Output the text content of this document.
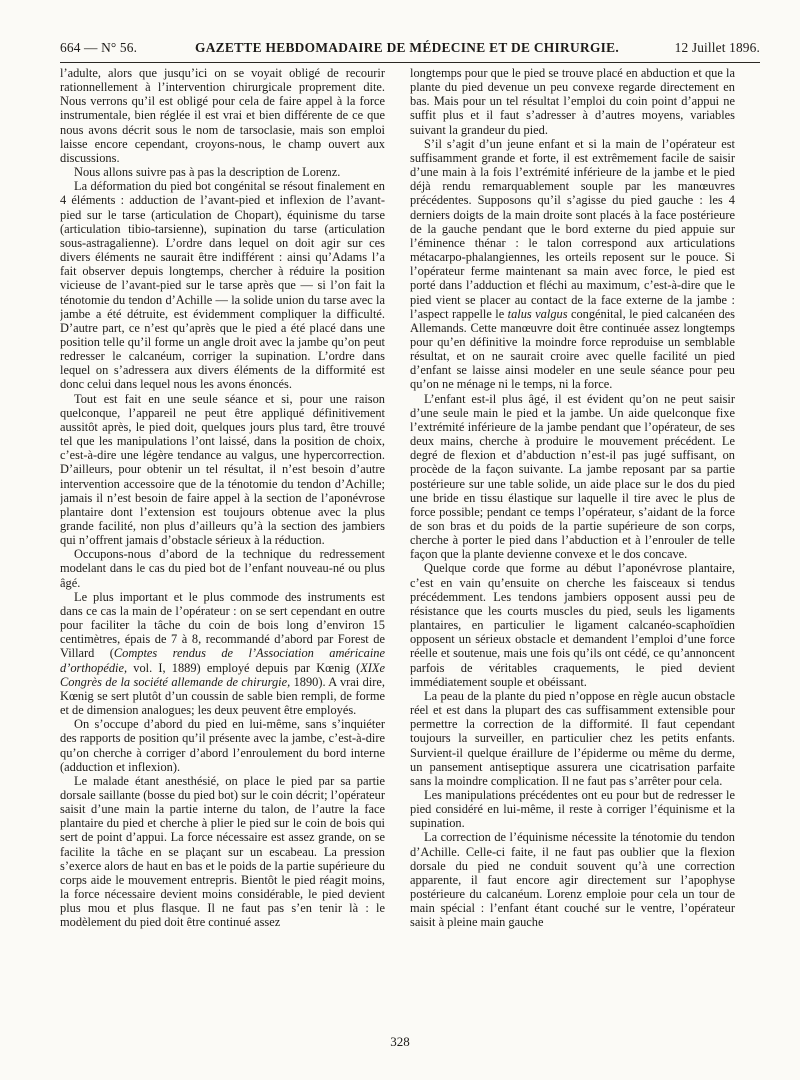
664 — N° 56.	GAZETTE HEBDOMADAIRE DE MÉDECINE ET DE CHIRURGIE.	12 Juillet 1896.

l’adulte, alors que jusqu’ici on se voyait obligé de recourir rationnellement à l’intervention chirurgicale proprement dite. Nous verrons qu’il est obligé pour cela de faire appel à la force instrumentale, bien réglée il est vrai et bien différente de ce que nous avons décrit sous le nom de tarsoclasie, mais son emploi laisse encore cependant, croyons-nous, le champ ouvert aux discussions.

Nous allons suivre pas à pas la description de Lorenz.

La déformation du pied bot congénital se résout finalement en 4 éléments : adduction de l’avant-pied et inflexion de l’avant-pied sur le tarse (articulation de Chopart), équinisme du tarse (articulation tibio-tarsienne), supination du tarse (articulation sous-astragalienne). L’ordre dans lequel on doit agir sur ces divers éléments ne saurait être indifférent : ainsi qu’Adams l’a fait observer depuis longtemps, chercher à réduire la position vicieuse de l’avant-pied sur le tarse après que — si l’on fait la ténotomie du tendon d’Achille — la solide union du tarse avec la jambe a été détruite, est évidemment compliquer la difficulté. D’autre part, ce n’est qu’après que le pied a été placé dans une position telle qu’il forme un angle droit avec la jambe qu’on peut redresser le calcanéum, corriger la supination. L’ordre dans lequel on s’adressera aux divers éléments de la difformité est donc celui dans lequel nous les avons énoncés.

Tout est fait en une seule séance et si, pour une raison quelconque, l’appareil ne peut être appliqué définitivement aussitôt après, le pied doit, quelques jours plus tard, être trouvé tel que les manipulations l’ont laissé, dans la position de choix, c’est-à-dire une légère tendance au valgus, une hypercorrection. D’ailleurs, pour obtenir un tel résultat, il n’est besoin d’autre intervention accessoire que de la ténotomie du tendon d’Achille; jamais il n’est besoin de faire appel à la section de l’aponévrose plantaire dont l’extension est toujours obtenue avec la plus grande facilité, non plus d’ailleurs qu’à la section des jambiers qui n’offrent jamais d’obstacle sérieux à la réduction.

Occupons-nous d’abord de la technique du redressement modelant dans le cas du pied bot de l’enfant nouveau-né ou plus âgé.

Le plus important et le plus commode des instruments est dans ce cas la main de l’opérateur : on se sert cependant en outre pour faciliter la tâche du coin de bois long d’environ 15 centimètres, épais de 7 à 8, recommandé d’abord par Forest de Villard (Comptes rendus de l’Association américaine d’orthopédie, vol. I, 1889) employé depuis par Kœnig (XIXe Congrès de la société allemande de chirurgie, 1890). A vrai dire, Kœnig se sert plutôt d’un coussin de sable bien rempli, de forme et de dimension analogues; les deux peuvent être employés.

On s’occupe d’abord du pied en lui-même, sans s’inquiéter des rapports de position qu’il présente avec la jambe, c’est-à-dire qu’on cherche à corriger d’abord l’enroulement du bord interne (adduction et inflexion).

Le malade étant anesthésié, on place le pied par sa partie dorsale saillante (bosse du pied bot) sur le coin décrit; l’opérateur saisit d’une main la partie interne du talon, de l’autre la face plantaire du pied et cherche à plier le pied sur le coin de bois qui sert de point d’appui. La force nécessaire est assez grande, on se facilite la tâche en se plaçant sur un escabeau. La pression s’exerce alors de haut en bas et le poids de la partie supérieure du corps aide le mouvement entrepris. Bientôt le pied réagit moins, la force nécessaire devient moins considérable, le pied devient plus mou et plus flasque. Il ne faut pas s’en tenir là : le modèlement du pied doit être continué assez

longtemps pour que le pied se trouve placé en abduction et que la plante du pied devenue un peu convexe regarde directement en bas. Mais pour un tel résultat l’emploi du coin point d’appui ne suffit plus et il faut s’adresser à d’autres moyens, variables suivant la grandeur du pied.

S’il s’agit d’un jeune enfant et si la main de l’opérateur est suffisamment grande et forte, il est extrêmement facile de saisir d’une main à la fois l’extrémité inférieure de la jambe et le pied déjà rendu remarquablement souple par les manœuvres précédentes. Supposons qu’il s’agisse du pied gauche : les 4 derniers doigts de la main droite sont placés à la face postérieure de la gauche pendant que le bord externe du pied appuie sur l’éminence thénar : le talon correspond aux articulations métacarpo-phalangiennes, les orteils reposent sur le pouce. Si l’opérateur ferme maintenant sa main avec force, le pied est porté dans l’adduction et fléchi au maximum, c’est-à-dire que le pied vient se placer au contact de la face externe de la jambe : l’aspect rappelle le talus valgus congénital, le pied calcanéen des Allemands. Cette manœuvre doit être continuée assez longtemps pour qu’en définitive la moindre force reproduise un semblable résultat, et on ne saurait croire avec quelle facilité un pied d’enfant se laisse ainsi modeler en une seule séance pour peu qu’on ne ménage ni le temps, ni la force.

L’enfant est-il plus âgé, il est évident qu’on ne peut saisir d’une seule main le pied et la jambe. Un aide quelconque fixe l’extrémité inférieure de la jambe pendant que l’opérateur, de ses deux mains, cherche à produire le mouvement précédent. Le degré de flexion et d’abduction n’est-il pas jugé suffisant, on procède de la façon suivante. La jambe reposant par sa partie postérieure sur une table solide, un aide place sur le dos du pied une bride en tissu élastique sur laquelle il tire avec le plus de force possible; pendant ce temps l’opérateur, s’aidant de la force de son bras et du poids de la partie supérieure de son corps, cherche à porter le pied dans l’abduction et à l’enrouler de telle façon que la plante devienne convexe et le dos concave.

Quelque corde que forme au début l’aponévrose plantaire, c’est en vain qu’ensuite on cherche les faisceaux si tendus précédemment. Les tendons jambiers opposent aussi peu de résistance que les courts muscles du pied, seuls les ligaments plantaires, en particulier le ligament calcanéo-scaphoïdien opposent un sérieux obstacle et demandent l’emploi d’une force réelle et soutenue, mais une fois qu’ils ont cédé, ce qu’annoncent parfois de véritables craquements, le pied devient immédiatement souple et obéissant.

La peau de la plante du pied n’oppose en règle aucun obstacle réel et est dans la plupart des cas suffisamment extensible pour permettre la correction de la difformité. Il faut cependant toujours la surveiller, en particulier chez les petits enfants. Survient-il quelque éraillure de l’épiderme ou même du derme, un pansement antiseptique assurera une cicatrisation parfaite sans la moindre complication. Il ne faut pas s’arrêter pour cela.

Les manipulations précédentes ont eu pour but de redresser le pied considéré en lui-même, il reste à corriger l’équinisme et la supination.

La correction de l’équinisme nécessite la ténotomie du tendon d’Achille. Celle-ci faite, il ne faut pas oublier que la flexion dorsale du pied ne conduit souvent qu’à une correction apparente, il faut encore agir directement sur l’apophyse postérieure du calcanéum. Lorenz emploie pour cela un tour de main spécial : l’enfant étant couché sur le ventre, l’opérateur saisit à pleine main gauche

328
